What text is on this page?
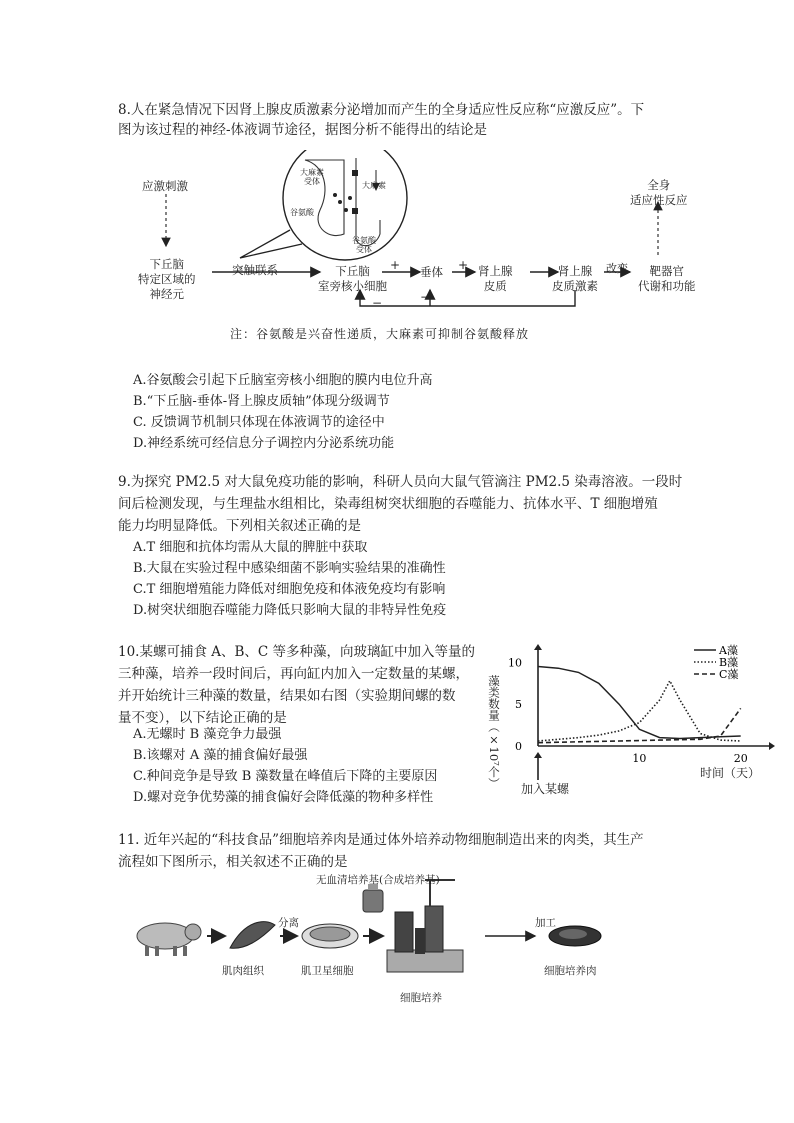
8.人在紧急情况下因肾上腺皮质激素分泌增加而产生的全身适应性反应称“应激反应”。下
图为该过程的神经-体液调节途径，据图分析不能得出的结论是
应激刺激
下丘脑
特定区域的
神经元
突触联系	下丘脑
室旁核小细胞
垂体	肾上腺
皮质
肾上腺
皮质激素
改变	靶器官
代谢和功能
全身
适应性反应
+	+
−
−
大麻素
受体	大麻素
谷氨酸
谷氨酸
受体
注：谷氨酸是兴奋性递质，大麻素可抑制谷氨酸释放
A.谷氨酸会引起下丘脑室旁核小细胞的膜内电位升高
B.“下丘脑-垂体-肾上腺皮质轴”体现分级调节
C. 反馈调节机制只体现在体液调节的途径中
D.神经系统可经信息分子调控内分泌系统功能
9.为探究 PM2.5 对大鼠免疫功能的影响，科研人员向大鼠气管滴注 PM2.5 染毒溶液。一段时
间后检测发现，与生理盐水组相比，染毒组树突状细胞的吞噬能力、抗体水平、T 细胞增殖
能力均明显降低。下列相关叙述正确的是
A.T 细胞和抗体均需从大鼠的脾脏中获取
B.大鼠在实验过程中感染细菌不影响实验结果的准确性
C.T 细胞增殖能力降低对细胞免疫和体液免疫均有影响
D.树突状细胞吞噬能力降低只影响大鼠的非特异性免疫
10.某螺可捕食 A、B、C 等多种藻，向玻璃缸中加入等量的
三种藻，培养一段时间后，再向缸内加入一定数量的某螺，
并开始统计三种藻的数量，结果如右图（实验期间螺的数
量不变），以下结论正确的是
A.无螺时 B 藻竞争力最强
B.该螺对 A 藻的捕食偏好最强
C.种间竞争是导致 B 藻数量在峰值后下降的主要原因
D.螺对竞争优势藻的捕食偏好会降低藻的物种多样性
10
5
0
10	20
A藻
B藻
C藻
藻类数量（×10⁷个）	时间（天）
加入某螺
11. 近年兴起的“科技食品”细胞培养肉是通过体外培养动物细胞制造出来的肉类，其生产
流程如下图所示，相关叙述不正确的是
无血清培养基(合成培养基)
分离	加工
肌肉组织	肌卫星细胞
细胞培养
细胞培养肉
